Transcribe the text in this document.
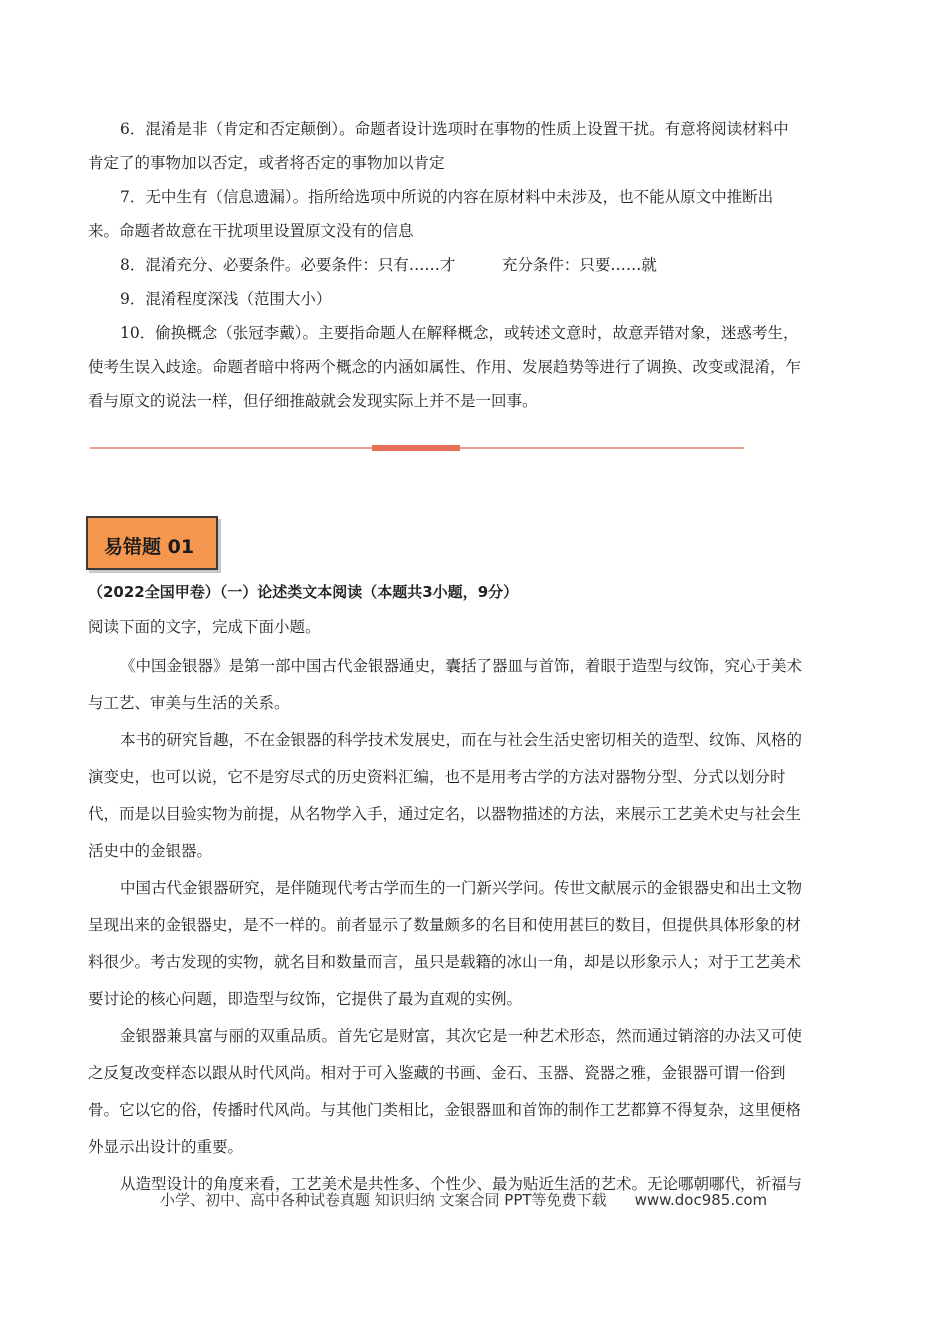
6．混淆是非（肯定和否定颠倒）。命题者设计选项时在事物的性质上设置干扰。有意将阅读材料中
肯定了的事物加以否定，或者将否定的事物加以肯定
7．无中生有（信息遗漏）。指所给选项中所说的内容在原材料中未涉及，也不能从原文中推断出
来。命题者故意在干扰项里设置原文没有的信息
8．混淆充分、必要条件。必要条件：只有……才　　　充分条件：只要……就
9．混淆程度深浅（范围大小）
10．偷换概念（张冠李戴）。主要指命题人在解释概念，或转述文意时，故意弄错对象，迷惑考生，
使考生误入歧途。命题者暗中将两个概念的内涵如属性、作用、发展趋势等进行了调换、改变或混淆，乍
看与原文的说法一样，但仔细推敲就会发现实际上并不是一回事。
易错题 01
（2022全国甲卷）（一）论述类文本阅读（本题共3小题，9分）
阅读下面的文字，完成下面小题。
《中国金银器》是第一部中国古代金银器通史，囊括了器皿与首饰，着眼于造型与纹饰，究心于美术
与工艺、审美与生活的关系。
本书的研究旨趣，不在金银器的科学技术发展史，而在与社会生活史密切相关的造型、纹饰、风格的
演变史，也可以说，它不是穷尽式的历史资料汇编，也不是用考古学的方法对器物分型、分式以划分时
代，而是以目验实物为前提，从名物学入手，通过定名，以器物描述的方法，来展示工艺美术史与社会生
活史中的金银器。
中国古代金银器研究，是伴随现代考古学而生的一门新兴学问。传世文献展示的金银器史和出土文物
呈现出来的金银器史，是不一样的。前者显示了数量颇多的名目和使用甚巨的数目，但提供具体形象的材
料很少。考古发现的实物，就名目和数量而言，虽只是载籍的冰山一角，却是以形象示人；对于工艺美术
要讨论的核心问题，即造型与纹饰，它提供了最为直观的实例。
金银器兼具富与丽的双重品质。首先它是财富，其次它是一种艺术形态，然而通过销溶的办法又可使
之反复改变样态以跟从时代风尚。相对于可入鉴藏的书画、金石、玉器、瓷器之雅，金银器可谓一俗到
骨。它以它的俗，传播时代风尚。与其他门类相比，金银器皿和首饰的制作工艺都算不得复杂，这里便格
外显示出设计的重要。
从造型设计的角度来看，工艺美术是共性多、个性少、最为贴近生活的艺术。无论哪朝哪代，祈福与
小学、初中、高中各种试卷真题 知识归纳 文案合同 PPT等免费下载 www.doc985.com
